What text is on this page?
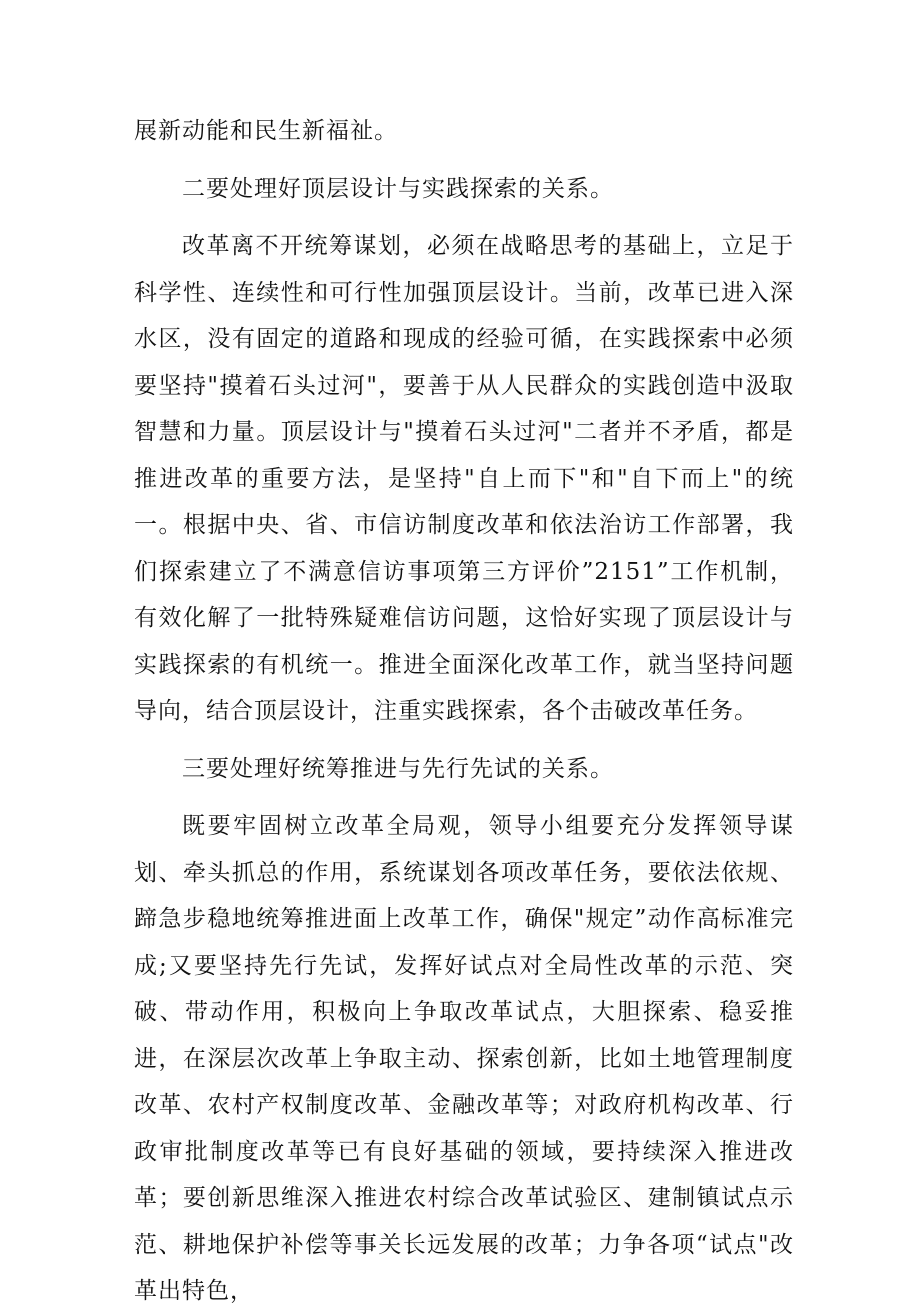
展新动能和民生新福祉。

二要处理好顶层设计与实践探索的关系。

改革离不开统筹谋划，必须在战略思考的基础上，立足于科学性、连续性和可行性加强顶层设计。当前，改革已进入深水区，没有固定的道路和现成的经验可循，在实践探索中必须要坚持"摸着石头过河"，要善于从人民群众的实践创造中汲取智慧和力量。顶层设计与"摸着石头过河"二者并不矛盾，都是推进改革的重要方法，是坚持"自上而下"和"自下而上"的统一。根据中央、省、市信访制度改革和依法治访工作部署，我们探索建立了不满意信访事项第三方评价”2151”工作机制，有效化解了一批特殊疑难信访问题，这恰好实现了顶层设计与实践探索的有机统一。推进全面深化改革工作，就当坚持问题导向，结合顶层设计，注重实践探索，各个击破改革任务。

三要处理好统筹推进与先行先试的关系。

既要牢固树立改革全局观，领导小组要充分发挥领导谋划、牵头抓总的作用，系统谋划各项改革任务，要依法依规、蹄急步稳地统筹推进面上改革工作，确保"规定”动作高标准完成;又要坚持先行先试，发挥好试点对全局性改革的示范、突破、带动作用，积极向上争取改革试点，大胆探索、稳妥推进，在深层次改革上争取主动、探索创新，比如土地管理制度改革、农村产权制度改革、金融改革等；对政府机构改革、行政审批制度改革等已有良好基础的领域，要持续深入推进改革；要创新思维深入推进农村综合改革试验区、建制镇试点示范、耕地保护补偿等事关长远发展的改革；力争各项“试点"改革出特色，
